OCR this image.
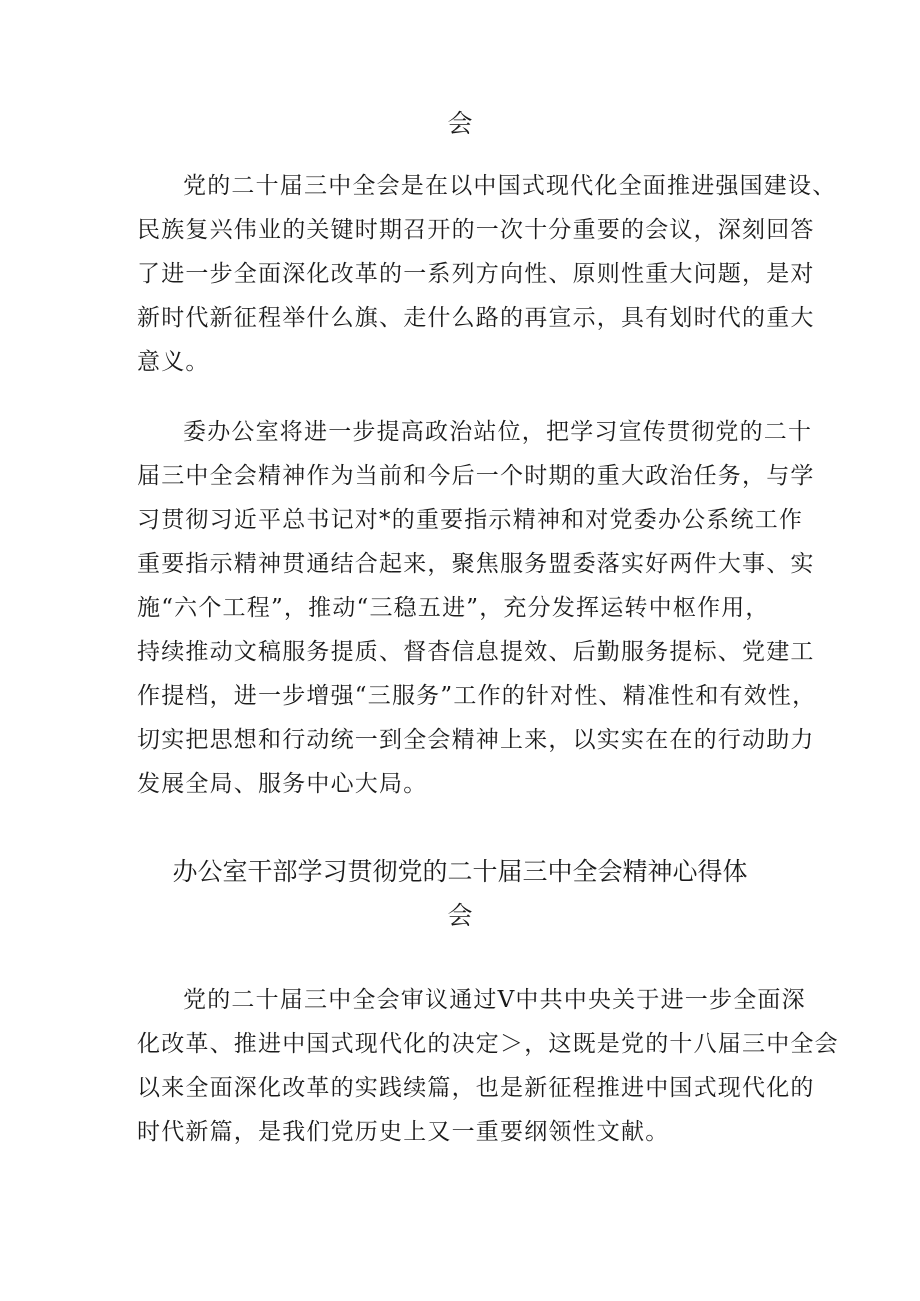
会
党的二十届三中全会是在以中国式现代化全面推进强国建设、
民族复兴伟业的关键时期召开的一次十分重要的会议，深刻回答
了进一步全面深化改革的一系列方向性、原则性重大问题，是对
新时代新征程举什么旗、走什么路的再宣示，具有划时代的重大
意义。
委办公室将进一步提高政治站位，把学习宣传贯彻党的二十
届三中全会精神作为当前和今后一个时期的重大政治任务，与学
习贯彻习近平总书记对*的重要指示精神和对党委办公系统工作
重要指示精神贯通结合起来，聚焦服务盟委落实好两件大事、实
施“六个工程”，推动“三稳五进”，充分发挥运转中枢作用，
持续推动文稿服务提质、督杳信息提效、后勤服务提标、党建工
作提档，进一步增强“三服务”工作的针对性、精准性和有效性，
切实把思想和行动统一到全会精神上来，以实实在在的行动助力
发展全局、服务中心大局。
办公室干部学习贯彻党的二十届三中全会精神心得体
会
党的二十届三中全会审议通过V中共中央关于进一步全面深
化改革、推进中国式现代化的决定＞，这既是党的十八届三中全会
以来全面深化改革的实践续篇，也是新征程推进中国式现代化的
时代新篇，是我们党历史上又一重要纲领性文献。
